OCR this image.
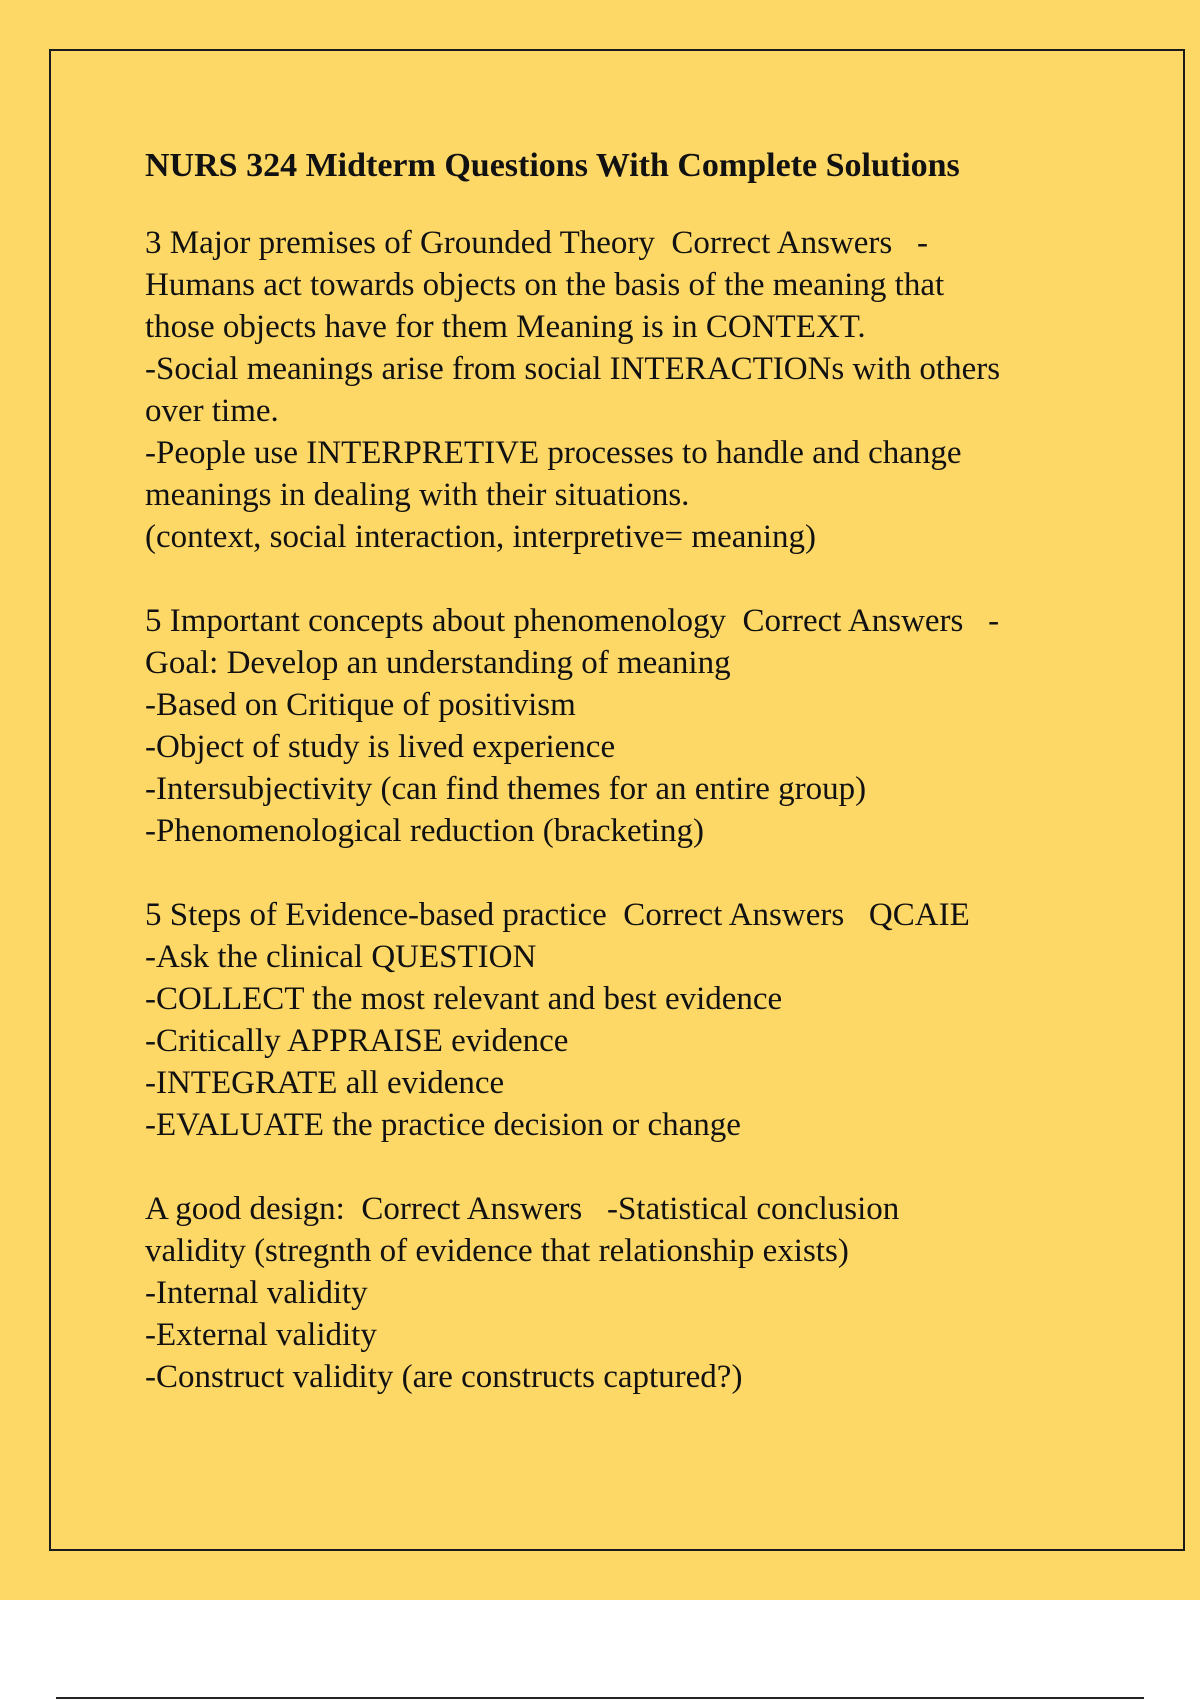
NURS 324 Midterm Questions With Complete Solutions
3 Major premises of Grounded Theory  Correct Answers   -
Humans act towards objects on the basis of the meaning that
those objects have for them Meaning is in CONTEXT.
-Social meanings arise from social INTERACTIONs with others
over time.
-People use INTERPRETIVE processes to handle and change
meanings in dealing with their situations.
(context, social interaction, interpretive= meaning)
5 Important concepts about phenomenology  Correct Answers   -
Goal: Develop an understanding of meaning
-Based on Critique of positivism
-Object of study is lived experience
-Intersubjectivity (can find themes for an entire group)
-Phenomenological reduction (bracketing)
5 Steps of Evidence-based practice  Correct Answers   QCAIE
-Ask the clinical QUESTION
-COLLECT the most relevant and best evidence
-Critically APPRAISE evidence
-INTEGRATE all evidence
-EVALUATE the practice decision or change
A good design:  Correct Answers   -Statistical conclusion
validity (stregnth of evidence that relationship exists)
-Internal validity
-External validity
-Construct validity (are constructs captured?)
